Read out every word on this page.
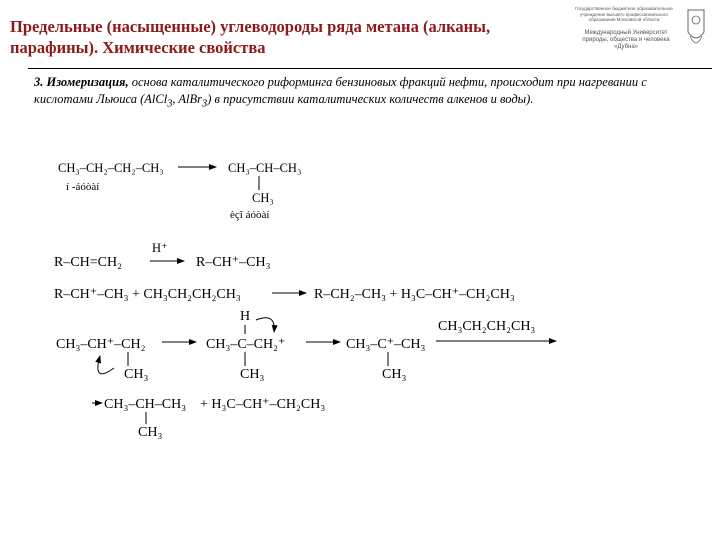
Предельные (насыщенные) углеводороды ряда метана (алканы, парафины). Химические свойства
Государственное бюджетное образовательное учреждение высшего профессионального образования Московской области
Международный Университет природы, общества и человека «Дубна»
3. Изомеризация, основа каталитического риформинга бензиновых фракций нефти, происходит при нагревании с кислотами Льюиса (AlCl$_3$, AlBr$_3$) в присутствии каталитических количеств алкенов и воды).
CH₃–CH₂–CH₂–CH₃
í -áóòàí
CH₃–CH–CH₃
CH₃
èçî áóòàí
R–CH=CH₂
H⁺
R–CH⁺–CH₃
R–CH⁺–CH₃ + CH₃CH₂CH₂CH₃	R–CH₂–CH₃ + H₃C–CH⁺–CH₂CH₃
CH₃–CH⁺–CH₂
CH₃
H
CH₃–C–CH₂⁺
CH₃
CH₃–C⁺–CH₃
CH₃
CH₃CH₂CH₂CH₃
CH₃–CH–CH₃
CH₃
+ H₃C–CH⁺–CH₂CH₃
